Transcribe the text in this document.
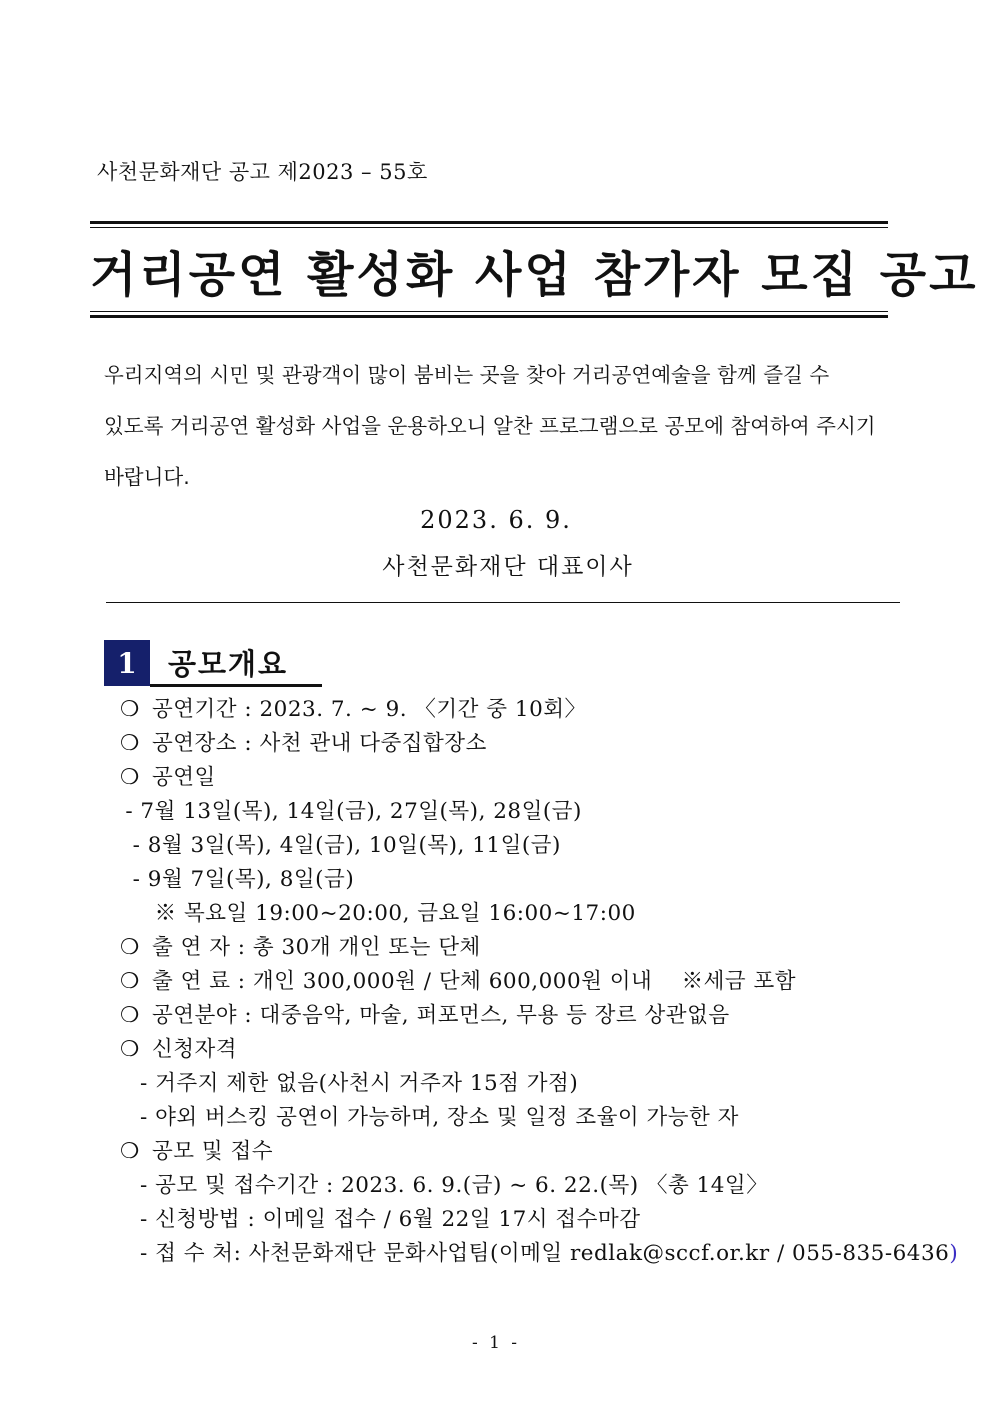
사천문화재단 공고 제2023 – 55호
거리공연 활성화 사업 참가자 모집 공고
우리지역의 시민 및 관광객이 많이 붐비는 곳을 찾아 거리공연예술을 함께 즐길 수
있도록 거리공연 활성화 사업을 운용하오니 알찬 프로그램으로 공모에 참여하여 주시기
바랍니다.
2023. 6. 9.
사천문화재단 대표이사
1	공모개요
❍ 공연기간 : 2023. 7. ~ 9. 〈기간 중 10회〉
❍ 공연장소 : 사천 관내 다중집합장소
❍ 공연일
- 7월 13일(목), 14일(금), 27일(목), 28일(금)
- 8월 3일(목), 4일(금), 10일(목), 11일(금)
- 9월 7일(목), 8일(금)
※ 목요일 19:00~20:00, 금요일 16:00~17:00
❍ 출 연 자 : 총 30개 개인 또는 단체
❍ 출 연 료 : 개인 300,000원 / 단체 600,000원 이내    ※세금 포함
❍ 공연분야 : 대중음악, 마술, 퍼포먼스, 무용 등 장르 상관없음
❍ 신청자격
- 거주지 제한 없음(사천시 거주자 15점 가점)
- 야외 버스킹 공연이 가능하며, 장소 및 일정 조율이 가능한 자
❍ 공모 및 접수
- 공모 및 접수기간 : 2023. 6. 9.(금) ~ 6. 22.(목) 〈총 14일〉
- 신청방법 : 이메일 접수 / 6월 22일 17시 접수마감
- 접 수 처: 사천문화재단 문화사업팀(이메일 redlak@sccf.or.kr / 055-835-6436)
- 1 -
